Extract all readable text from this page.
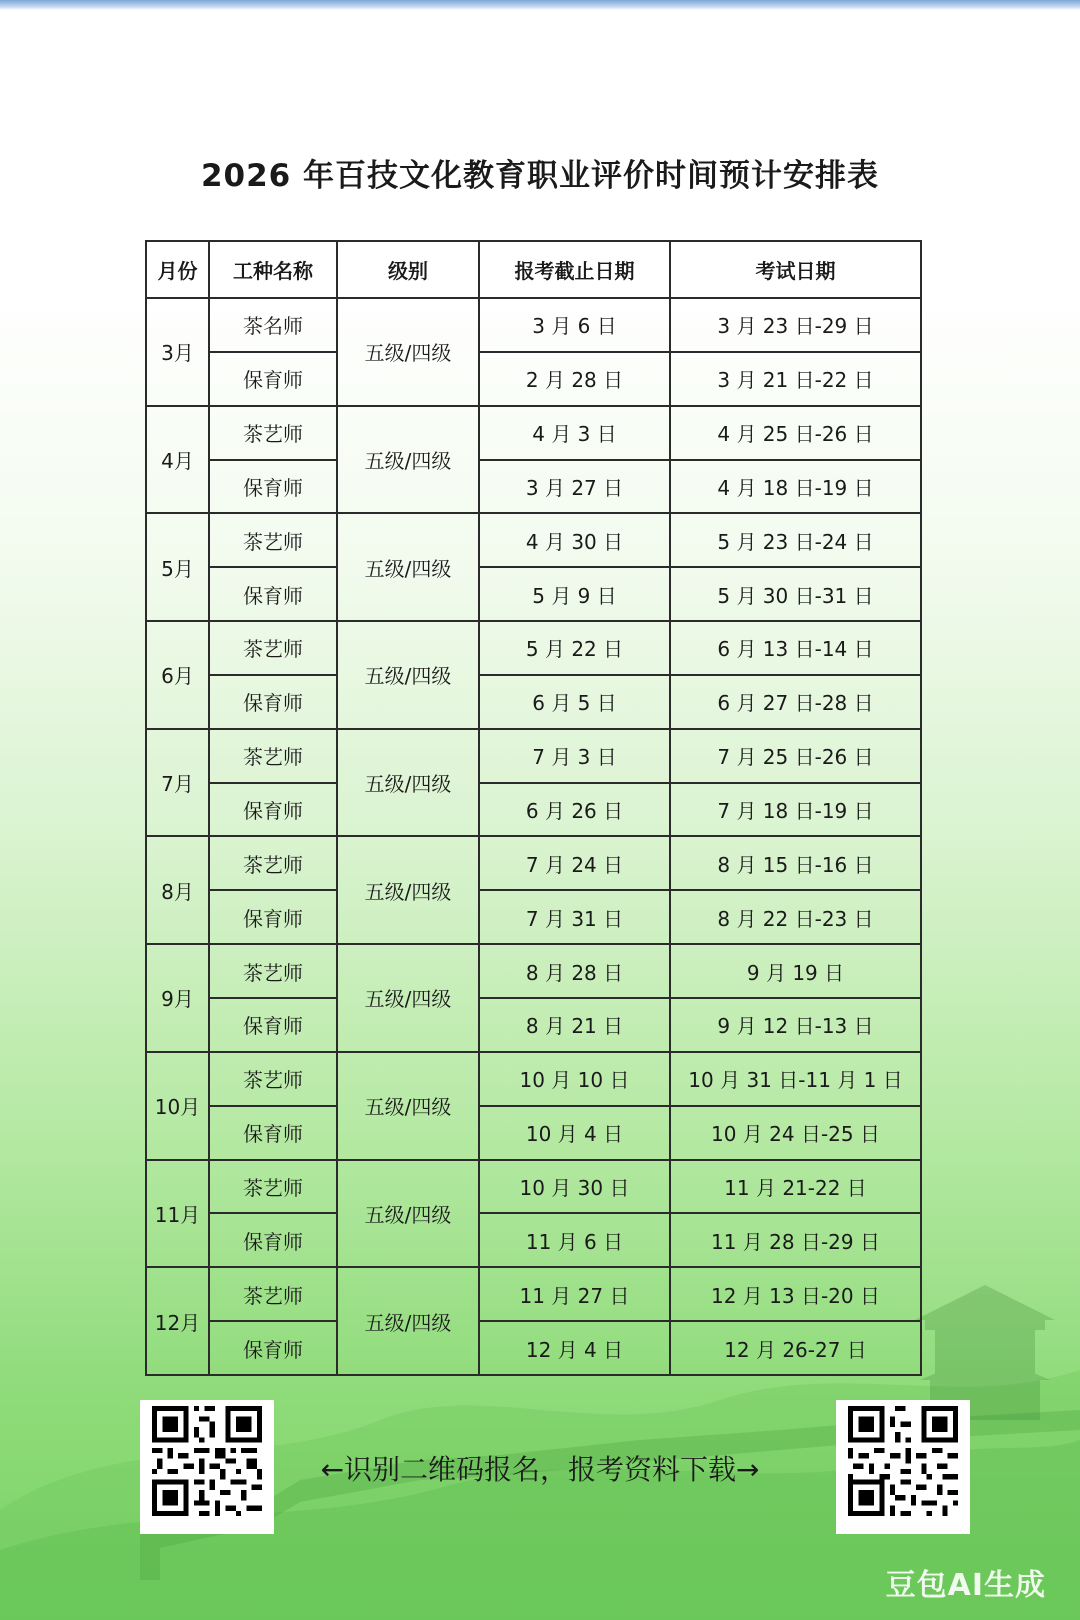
2026 年百技文化教育职业评价时间预计安排表
月份	工种名称	级别	报考截止日期	考试日期
3月	茶名师	五级/四级	3 月 6 日	3 月 23 日-29 日
	保育师		2 月 28 日	3 月 21 日-22 日
4月	茶艺师	五级/四级	4 月 3 日	4 月 25 日-26 日
	保育师		3 月 27 日	4 月 18 日-19 日
5月	茶艺师	五级/四级	4 月 30 日	5 月 23 日-24 日
	保育师		5 月 9 日	5 月 30 日-31 日
6月	茶艺师	五级/四级	5 月 22 日	6 月 13 日-14 日
	保育师		6 月 5 日	6 月 27 日-28 日
7月	茶艺师	五级/四级	7 月 3 日	7 月 25 日-26 日
	保育师		6 月 26 日	7 月 18 日-19 日
8月	茶艺师	五级/四级	7 月 24 日	8 月 15 日-16 日
	保育师		7 月 31 日	8 月 22 日-23 日
9月	茶艺师	五级/四级	8 月 28 日	9 月 19 日
	保育师		8 月 21 日	9 月 12 日-13 日
10月	茶艺师	五级/四级	10 月 10 日	10 月 31 日-11 月 1 日
	保育师		10 月 4 日	10 月 24 日-25 日
11月	茶艺师	五级/四级	10 月 30 日	11 月 21-22 日
	保育师		11 月 6 日	11 月 28 日-29 日
12月	茶艺师	五级/四级	11 月 27 日	12 月 13 日-20 日
	保育师		12 月 4 日	12 月 26-27 日
←识别二维码报名，报考资料下载→
豆包AI生成
